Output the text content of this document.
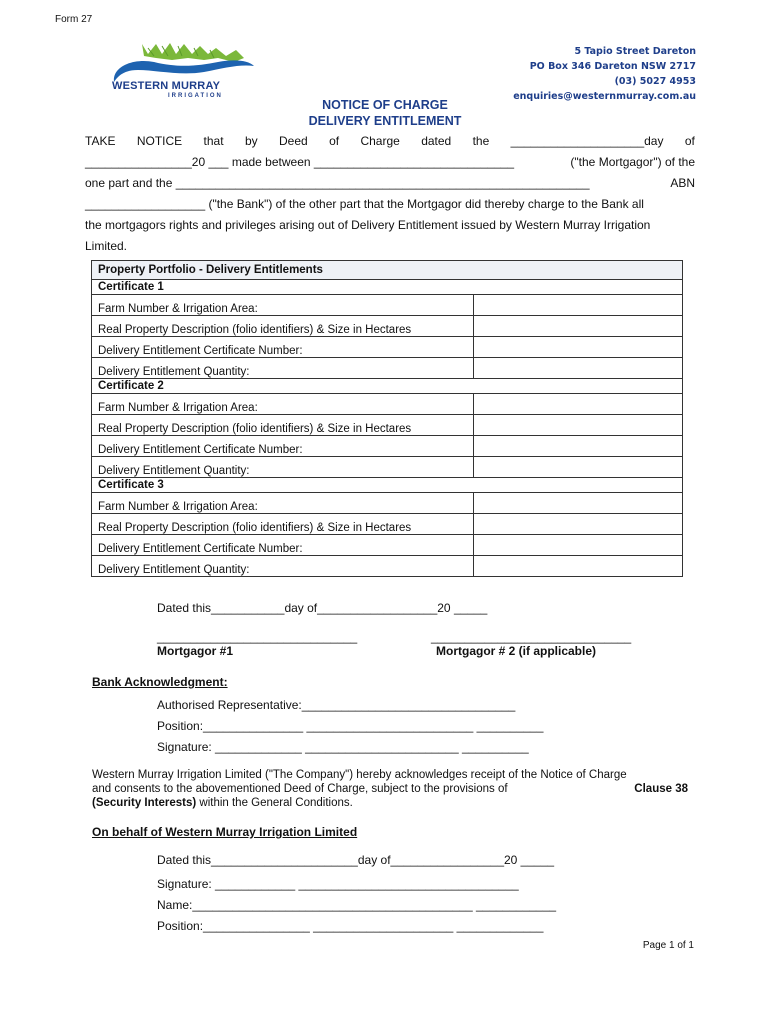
Form 27
WESTERN MURRAY
IRRIGATION
5 Tapio Street Dareton
PO Box 346 Dareton NSW 2717
(03) 5027 4953
enquiries@westernmurray.com.au
NOTICE OF CHARGE
DELIVERY ENTITLEMENT
TAKE NOTICE that by Deed of Charge dated the ____________________day of
________________20 ___ made between ______________________________	("the Mortgagor") of the
one part and the ______________________________________________________________	ABN
__________________ ("the Bank") of the other part that the Mortgagor did thereby charge to the Bank all
the mortgagors rights and privileges arising out of Delivery Entitlement issued by Western Murray Irrigation
Limited.
Property Portfolio - Delivery Entitlements	
Certificate 1	
Farm Number & Irrigation Area:	
Real Property Description (folio identifiers) & Size in Hectares	
Delivery Entitlement Certificate Number:	
Delivery Entitlement Quantity:	
Certificate 2	
Farm Number & Irrigation Area:	
Real Property Description (folio identifiers) & Size in Hectares	
Delivery Entitlement Certificate Number:	
Delivery Entitlement Quantity:	
Certificate 3	
Farm Number & Irrigation Area:	
Real Property Description (folio identifiers) & Size in Hectares	
Delivery Entitlement Certificate Number:	
Delivery Entitlement Quantity:	
Dated this___________day of__________________20 _____
______________________________
Mortgagor #1
______________________________
Mortgagor # 2 (if applicable)
Bank Acknowledgment:
Authorised Representative:________________________________
Position:_______________ _________________________ __________
Signature: _____________ _______________________ __________
Western Murray Irrigation Limited ("The Company") hereby acknowledges receipt of the Notice of Charge
and consents to the abovementioned Deed of Charge, subject to the provisions of	Clause 38
(Security Interests) within the General Conditions.
On behalf of Western Murray Irrigation Limited
Dated this______________________day of_________________20 _____
Signature: ____________ _________________________________
Name:__________________________________________ ____________
Position:________________ _____________________ _____________
Page 1 of 1
